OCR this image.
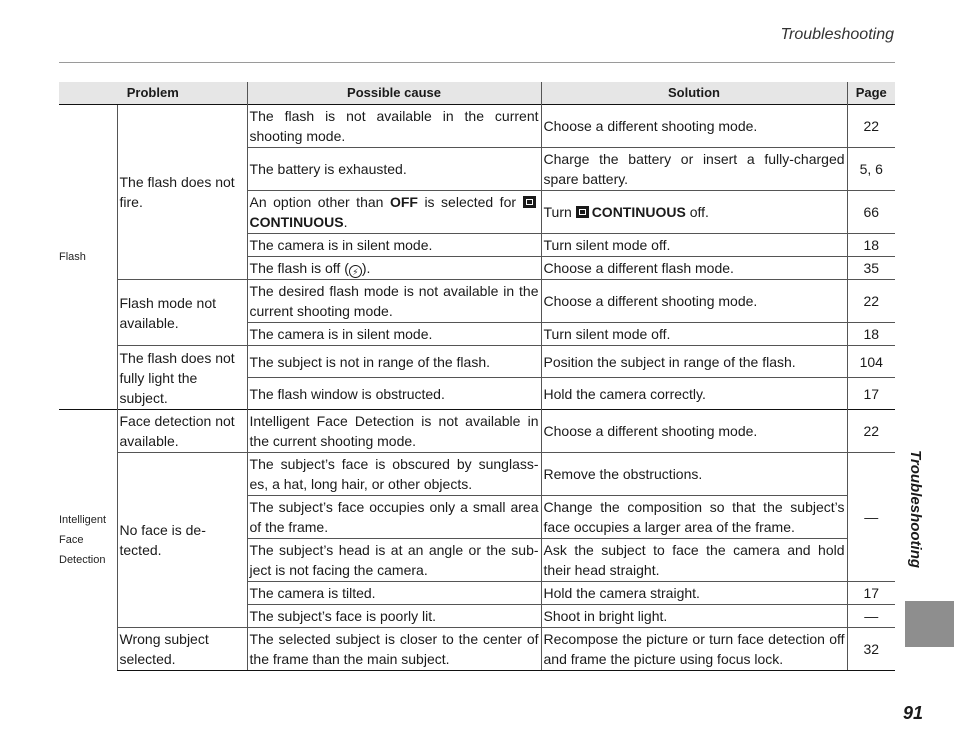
Troubleshooting
Problem		Possible cause	Solution	Page
Flash	The flash does not fire.	The flash is not available in the current shooting mode.	Choose a different shooting mode.	22
		The battery is exhausted.	Charge the battery or insert a fully-charged spare battery.	5, 6
		An option other than OFF is selected for CONTINUOUS.	Turn CONTINUOUS off.	66
		The camera is in silent mode.	Turn silent mode off.	18
		The flash is off ( ⚡ ).	Choose a different flash mode.	35
	Flash mode not available.	The desired flash mode is not available in the current shooting mode.	Choose a different shooting mode.	22
		The camera is in silent mode.	Turn silent mode off.	18
	The flash does not fully light the subject.	The subject is not in range of the flash.	Position the subject in range of the flash.	104
		The flash window is obstructed.	Hold the camera correctly.	17

Intelligent
Face
Detection	Face detection not available.	Intelligent Face Detection is not available in the current shooting mode.	Choose a different shooting mode.	22
	No face is de-tected.	The subject’s face is obscured by sunglass-es, a hat, long hair, or other objects.	Remove the obstructions.	—
		The subject’s face occupies only a small area of the frame.	Change the composition so that the subject’s face occupies a larger area of the frame.	
		The subject’s head is at an angle or the sub-ject is not facing the camera.	Ask the subject to face the camera and hold their head straight.	
		The camera is tilted.	Hold the camera straight.	17
		The subject’s face is poorly lit.	Shoot in bright light.	—
	Wrong subject selected.	The selected subject is closer to the center of the frame than the main subject.	Recompose the picture or turn face detection off and frame the picture using focus lock.	32
Troubleshooting
91
